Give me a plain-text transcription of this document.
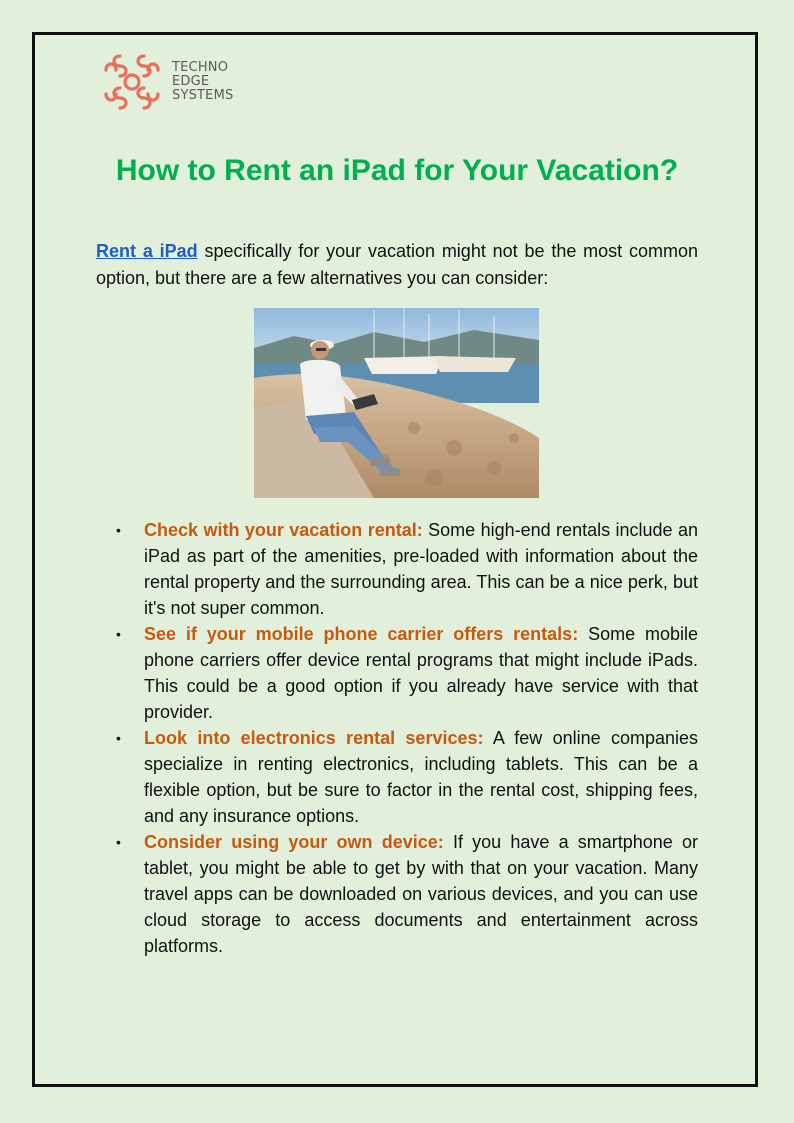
TECHNO
EDGE
SYSTEMS
How to Rent an iPad for Your Vacation?

Rent a iPad specifically for your vacation might not be the most common option, but there are a few alternatives you can consider:

• Check with your vacation rental: Some high-end rentals include an iPad as part of the amenities, pre-loaded with information about the rental property and the surrounding area. This can be a nice perk, but it's not super common.
• See if your mobile phone carrier offers rentals: Some mobile phone carriers offer device rental programs that might include iPads. This could be a good option if you already have service with that provider.
• Look into electronics rental services: A few online companies specialize in renting electronics, including tablets. This can be a flexible option, but be sure to factor in the rental cost, shipping fees, and any insurance options.
• Consider using your own device: If you have a smartphone or tablet, you might be able to get by with that on your vacation. Many travel apps can be downloaded on various devices, and you can use cloud storage to access documents and entertainment across platforms.
